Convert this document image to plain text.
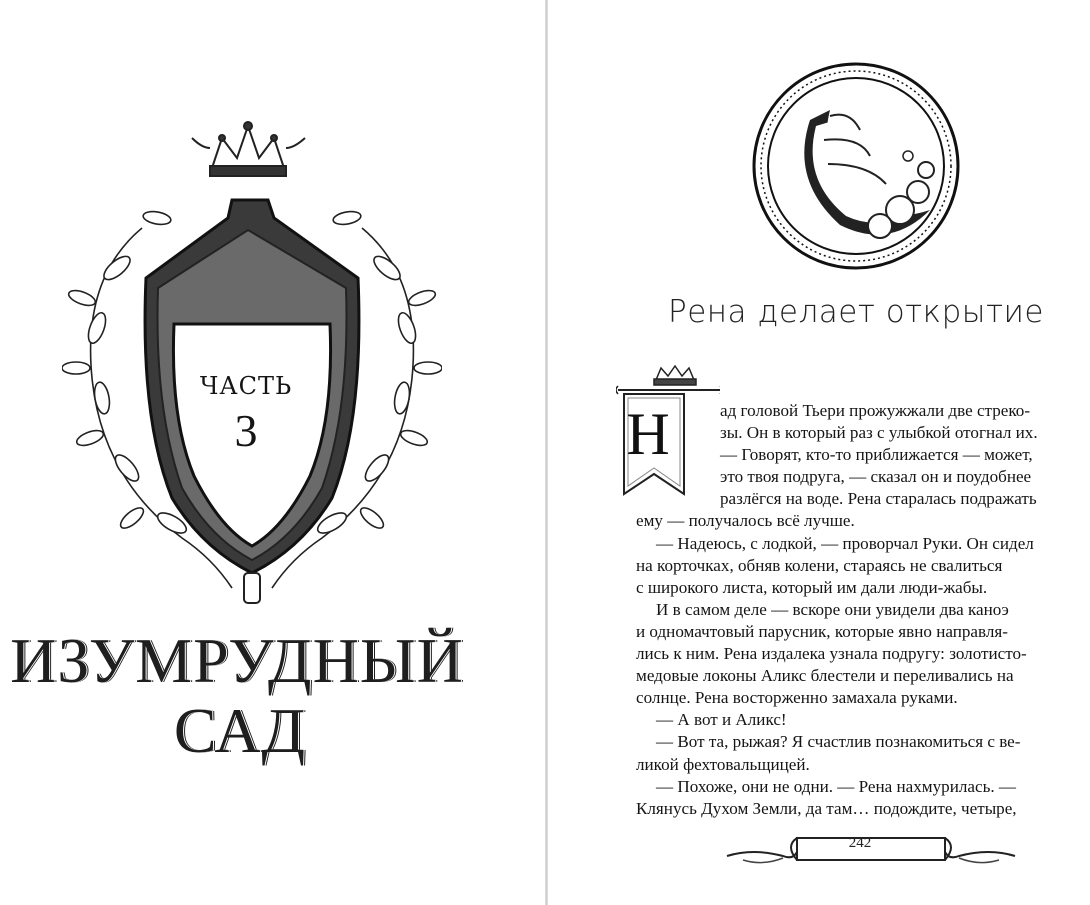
ЧАСТЬ
3
ИЗУМРУДНЫЙ
САД
Рена делает открытие
Н	ад головой Тьери прожужжали две стреко-
зы. Он в который раз с улыбкой отогнал их.
— Говорят, кто-то приближается — может,
это твоя подруга, — сказал он и поудобнее
разлёгся на воде. Рена старалась подражать
ему — получалось всё лучше.
— Надеюсь, с лодкой, — проворчал Руки. Он сидел
на корточках, обняв колени, стараясь не свалиться
с широкого листа, который им дали люди-жабы.
И в самом деле — вскоре они увидели два каноэ
и одномачтовый парусник, которые явно направля-
лись к ним. Рена издалека узнала подругу: золотисто-
медовые локоны Аликс блестели и переливались на
солнце. Рена восторженно замахала руками.
— А вот и Аликс!
— Вот та, рыжая? Я счастлив познакомиться с ве-
ликой фехтовальщицей.
— Похоже, они не одни. — Рена нахмурилась. —
Клянусь Духом Земли, да там… подождите, четыре,
242
